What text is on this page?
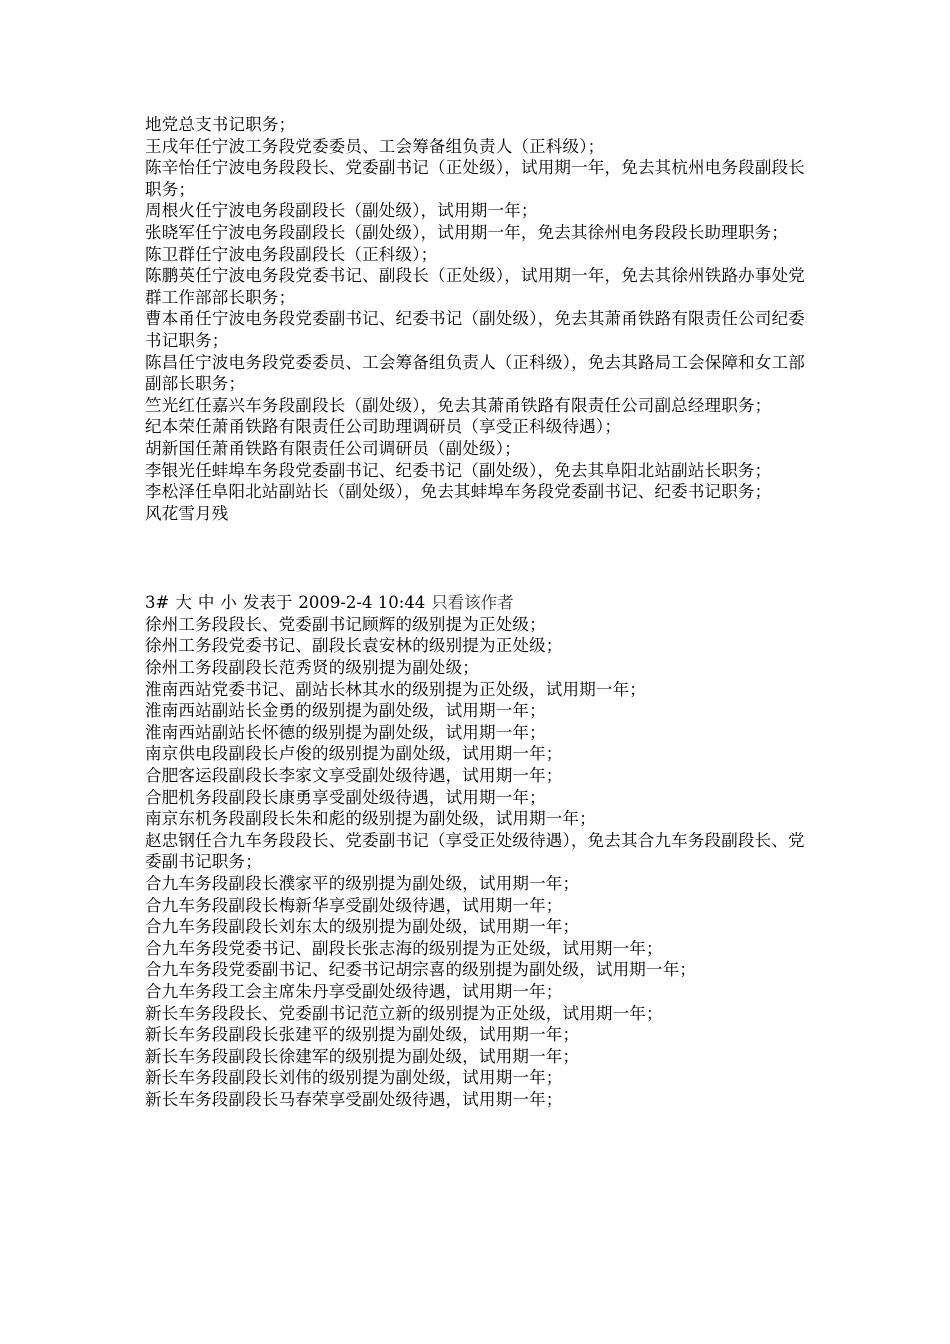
地党总支书记职务；

王戌年任宁波工务段党委委员、工会筹备组负责人（正科级）；

陈辛怡任宁波电务段段长、党委副书记（正处级），试用期一年，免去其杭州电务段副段长职务；

周根火任宁波电务段副段长（副处级），试用期一年；

张晓军任宁波电务段副段长（副处级），试用期一年，免去其徐州电务段段长助理职务；

陈卫群任宁波电务段副段长（正科级）；

陈鹏英任宁波电务段党委书记、副段长（正处级），试用期一年，免去其徐州铁路办事处党群工作部部长职务；

曹本甬任宁波电务段党委副书记、纪委书记（副处级），免去其萧甬铁路有限责任公司纪委书记职务；

陈昌任宁波电务段党委委员、工会筹备组负责人（正科级），免去其路局工会保障和女工部副部长职务；

竺光红任嘉兴车务段副段长（副处级），免去其萧甬铁路有限责任公司副总经理职务；

纪本荣任萧甬铁路有限责任公司助理调研员（享受正科级待遇）；

胡新国任萧甬铁路有限责任公司调研员（副处级）；

李银光任蚌埠车务段党委副书记、纪委书记（副处级），免去其阜阳北站副站长职务；

李松泽任阜阳北站副站长（副处级），免去其蚌埠车务段党委副书记、纪委书记职务；

风花雪月残

3# 大 中 小 发表于 2009-2-4 10:44 只看该作者

徐州工务段段长、党委副书记顾辉的级别提为正处级；

徐州工务段党委书记、副段长袁安林的级别提为正处级；

徐州工务段副段长范秀贤的级别提为副处级；

淮南西站党委书记、副站长林其水的级别提为正处级，试用期一年；

淮南西站副站长金勇的级别提为副处级，试用期一年；

淮南西站副站长怀德的级别提为副处级，试用期一年；

南京供电段副段长卢俊的级别提为副处级，试用期一年；

合肥客运段副段长李家文享受副处级待遇，试用期一年；

合肥机务段副段长康勇享受副处级待遇，试用期一年；

南京东机务段副段长朱和彪的级别提为副处级，试用期一年；

赵忠钢任合九车务段段长、党委副书记（享受正处级待遇），免去其合九车务段副段长、党委副书记职务；

合九车务段副段长濮家平的级别提为副处级，试用期一年；

合九车务段副段长梅新华享受副处级待遇，试用期一年；

合九车务段副段长刘东太的级别提为副处级，试用期一年；

合九车务段党委书记、副段长张志海的级别提为正处级，试用期一年；

合九车务段党委副书记、纪委书记胡宗喜的级别提为副处级，试用期一年；

合九车务段工会主席朱丹享受副处级待遇，试用期一年；

新长车务段段长、党委副书记范立新的级别提为正处级，试用期一年；

新长车务段副段长张建平的级别提为副处级，试用期一年；

新长车务段副段长徐建军的级别提为副处级，试用期一年；

新长车务段副段长刘伟的级别提为副处级，试用期一年；

新长车务段副段长马春荣享受副处级待遇，试用期一年；
